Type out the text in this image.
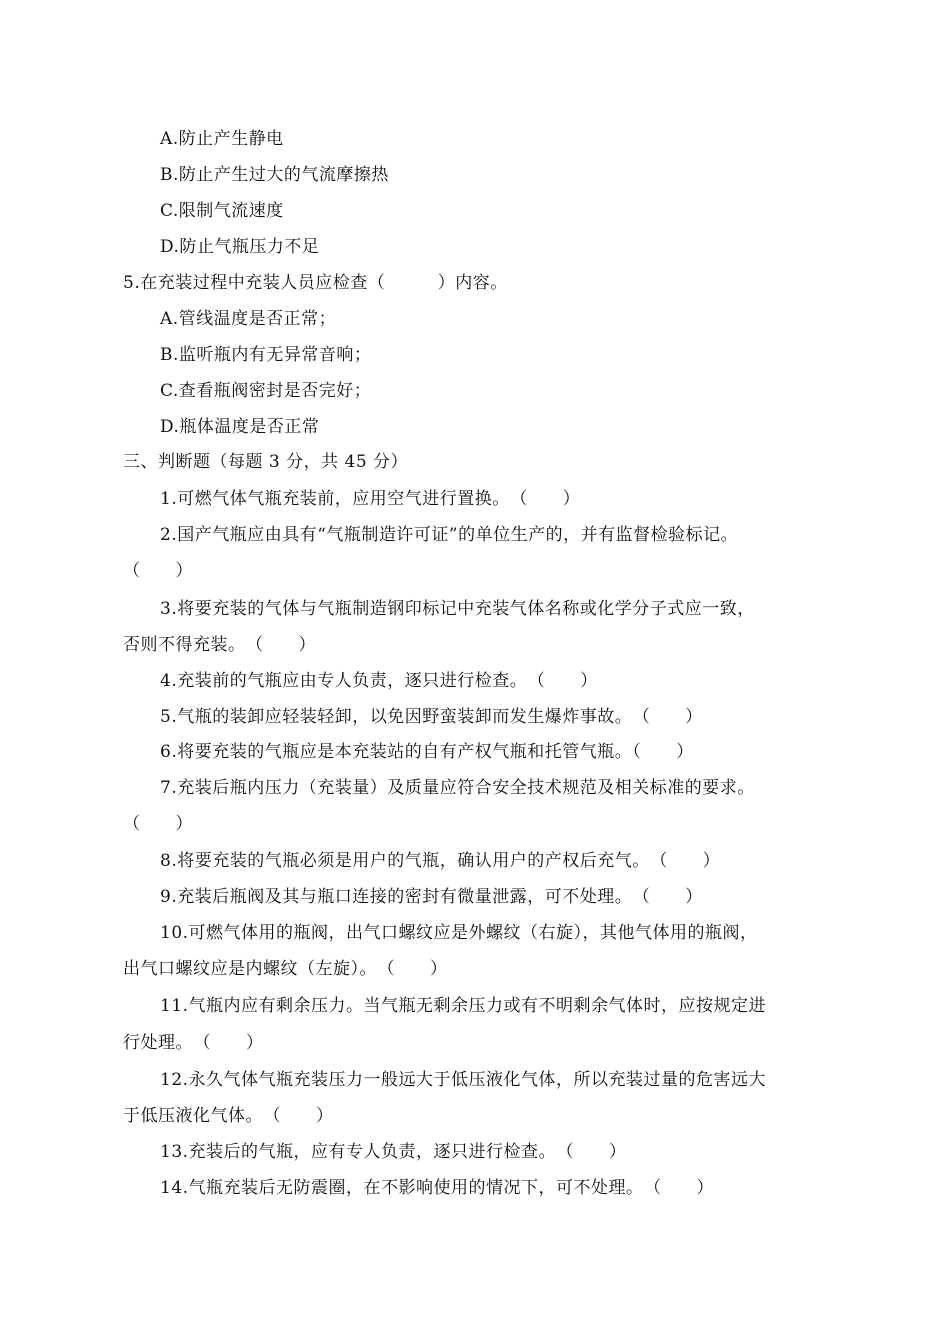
A.防止产生静电
B.防止产生过大的气流摩擦热
C.限制气流速度
D.防止气瓶压力不足
5.在充装过程中充装人员应检查（　　　）内容。
A.管线温度是否正常；
B.监听瓶内有无异常音响；
C.查看瓶阀密封是否完好；
D.瓶体温度是否正常
三、判断题（每题 3 分，共 45 分）
1.可燃气体气瓶充装前，应用空气进行置换。　（　　）
2.国产气瓶应由具有“气瓶制造许可证”的单位生产的，并有监督检验标记。
（　　）
3.将要充装的气体与气瓶制造钢印标记中充装气体名称或化学分子式应一致，
否则不得充装。　（　　）
4.充装前的气瓶应由专人负责，逐只进行检查。　（　　）
5.气瓶的装卸应轻装轻卸，以免因野蛮装卸而发生爆炸事故。　（　　）
6.将要充装的气瓶应是本充装站的自有产权气瓶和托管气瓶。（　　）
7.充装后瓶内压力（充装量）及质量应符合安全技术规范及相关标准的要求。
（　　）
8.将要充装的气瓶必须是用户的气瓶，确认用户的产权后充气。　（　　）
9.充装后瓶阀及其与瓶口连接的密封有微量泄露，可不处理。　（　　）
10.可燃气体用的瓶阀，出气口螺纹应是外螺纹（右旋），其他气体用的瓶阀，
出气口螺纹应是内螺纹（左旋）。　（　　）
11.气瓶内应有剩余压力。当气瓶无剩余压力或有不明剩余气体时，应按规定进
行处理。　（　　）
12.永久气体气瓶充装压力一般远大于低压液化气体，所以充装过量的危害远大
于低压液化气体。　（　　）
13.充装后的气瓶，应有专人负责，逐只进行检查。　（　　）
14.气瓶充装后无防震圈，在不影响使用的情况下，可不处理。　（　　）
